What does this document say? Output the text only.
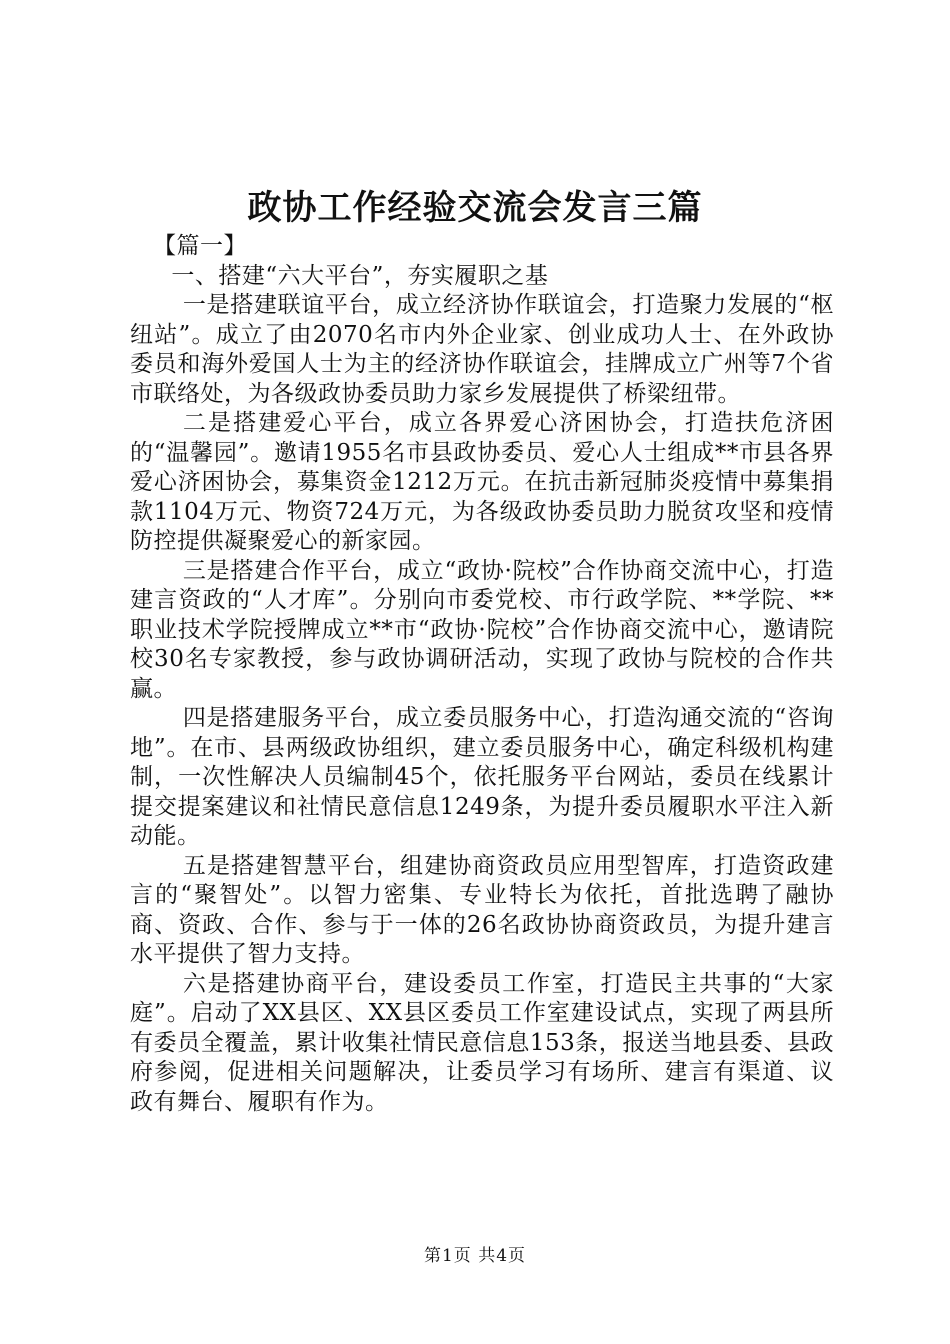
政协工作经验交流会发言三篇

【篇一】

一、搭建“六大平台”，夯实履职之基

一是搭建联谊平台，成立经济协作联谊会，打造聚力发展的“枢纽站”。成立了由2070名市内外企业家、创业成功人士、在外政协委员和海外爱国人士为主的经济协作联谊会，挂牌成立广州等7个省市联络处，为各级政协委员助力家乡发展提供了桥梁纽带。

二是搭建爱心平台，成立各界爱心济困协会，打造扶危济困的“温馨园”。邀请1955名市县政协委员、爱心人士组成**市县各界爱心济困协会，募集资金1212万元。在抗击新冠肺炎疫情中募集捐款1104万元、物资724万元，为各级政协委员助力脱贫攻坚和疫情防控提供凝聚爱心的新家园。

三是搭建合作平台，成立“政协·院校”合作协商交流中心，打造建言资政的“人才库”。分别向市委党校、市行政学院、**学院、**职业技术学院授牌成立**市“政协·院校”合作协商交流中心，邀请院校30名专家教授，参与政协调研活动，实现了政协与院校的合作共赢。

四是搭建服务平台，成立委员服务中心，打造沟通交流的“咨询地”。在市、县两级政协组织，建立委员服务中心，确定科级机构建制，一次性解决人员编制45个，依托服务平台网站，委员在线累计提交提案建议和社情民意信息1249条，为提升委员履职水平注入新动能。

五是搭建智慧平台，组建协商资政员应用型智库，打造资政建言的“聚智处”。以智力密集、专业特长为依托，首批选聘了融协商、资政、合作、参与于一体的26名政协协商资政员，为提升建言水平提供了智力支持。

六是搭建协商平台，建设委员工作室，打造民主共事的“大家庭”。启动了XX县区、XX县区委员工作室建设试点，实现了两县所有委员全覆盖，累计收集社情民意信息153条，报送当地县委、县政府参阅，促进相关问题解决，让委员学习有场所、建言有渠道、议政有舞台、履职有作为。

第1页 共4页
